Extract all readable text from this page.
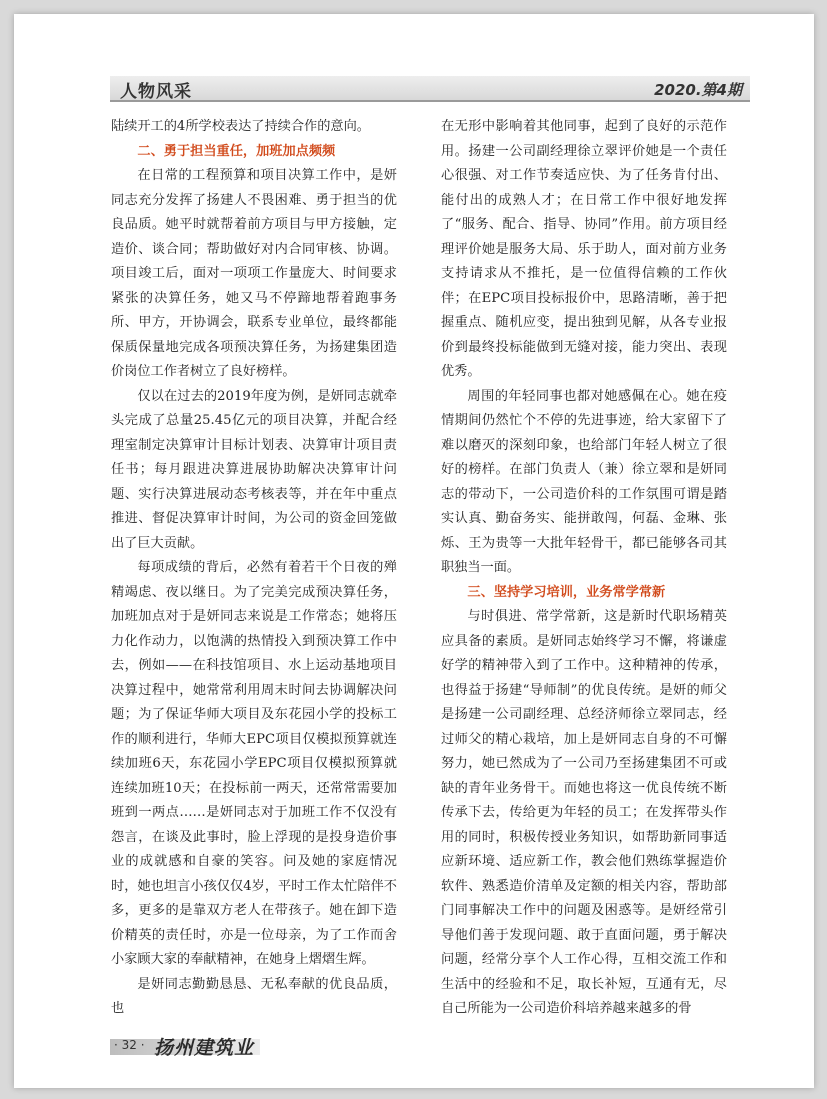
人物风采	2020.第4期

陆续开工的4所学校表达了持续合作的意向。

二、勇于担当重任，加班加点频频

在日常的工程预算和项目决算工作中，是妍同志充分发挥了扬建人不畏困难、勇于担当的优良品质。她平时就帮着前方项目与甲方接触，定造价、谈合同；帮助做好对内合同审核、协调。项目竣工后，面对一项项工作量庞大、时间要求紧张的决算任务，她又马不停蹄地帮着跑事务所、甲方，开协调会，联系专业单位，最终都能保质保量地完成各项预决算任务，为扬建集团造价岗位工作者树立了良好榜样。

仅以在过去的2019年度为例，是妍同志就牵头完成了总量25.45亿元的项目决算，并配合经理室制定决算审计目标计划表、决算审计项目责任书；每月跟进决算进展协助解决决算审计问题、实行决算进展动态考核表等，并在年中重点推进、督促决算审计时间，为公司的资金回笼做出了巨大贡献。

每项成绩的背后，必然有着若干个日夜的殚精竭虑、夜以继日。为了完美完成预决算任务，加班加点对于是妍同志来说是工作常态；她将压力化作动力，以饱满的热情投入到预决算工作中去，例如——在科技馆项目、水上运动基地项目决算过程中，她常常利用周末时间去协调解决问题；为了保证华师大项目及东花园小学的投标工作的顺利进行，华师大EPC项目仅模拟预算就连续加班6天，东花园小学EPC项目仅模拟预算就连续加班10天；在投标前一两天，还常常需要加班到一两点……是妍同志对于加班工作不仅没有怨言，在谈及此事时，脸上浮现的是投身造价事业的成就感和自豪的笑容。问及她的家庭情况时，她也坦言小孩仅仅4岁，平时工作太忙陪伴不多，更多的是靠双方老人在带孩子。她在卸下造价精英的责任时，亦是一位母亲，为了工作而舍小家顾大家的奉献精神，在她身上熠熠生辉。

是妍同志勤勤恳恳、无私奉献的优良品质，也

在无形中影响着其他同事，起到了良好的示范作用。扬建一公司副经理徐立翠评价她是一个责任心很强、对工作节奏适应快、为了任务肯付出、能付出的成熟人才；在日常工作中很好地发挥了“服务、配合、指导、协同”作用。前方项目经理评价她是服务大局、乐于助人，面对前方业务支持请求从不推托，是一位值得信赖的工作伙伴；在EPC项目投标报价中，思路清晰，善于把握重点、随机应变，提出独到见解，从各专业报价到最终投标能做到无缝对接，能力突出、表现优秀。

周围的年轻同事也都对她感佩在心。她在疫情期间仍然忙个不停的先进事迹，给大家留下了难以磨灭的深刻印象，也给部门年轻人树立了很好的榜样。在部门负责人（兼）徐立翠和是妍同志的带动下，一公司造价科的工作氛围可谓是踏实认真、勤奋务实、能拼敢闯，何磊、金琳、张烁、王为贵等一大批年轻骨干，都已能够各司其职独当一面。

三、坚持学习培训，业务常学常新

与时俱进、常学常新，这是新时代职场精英应具备的素质。是妍同志始终学习不懈，将谦虚好学的精神带入到了工作中。这种精神的传承，也得益于扬建“导师制”的优良传统。是妍的师父是扬建一公司副经理、总经济师徐立翠同志，经过师父的精心栽培，加上是妍同志自身的不可懈努力，她已然成为了一公司乃至扬建集团不可或缺的青年业务骨干。而她也将这一优良传统不断传承下去，传给更为年轻的员工；在发挥带头作用的同时，积极传授业务知识，如帮助新同事适应新环境、适应新工作，教会他们熟练掌握造价软件、熟悉造价清单及定额的相关内容，帮助部门同事解决工作中的问题及困惑等。是妍经常引导他们善于发现问题、敢于直面问题，勇于解决问题，经常分享个人工作心得，互相交流工作和生活中的经验和不足，取长补短，互通有无，尽自己所能为一公司造价科培养越来越多的骨

· 32 · 扬州建筑业
